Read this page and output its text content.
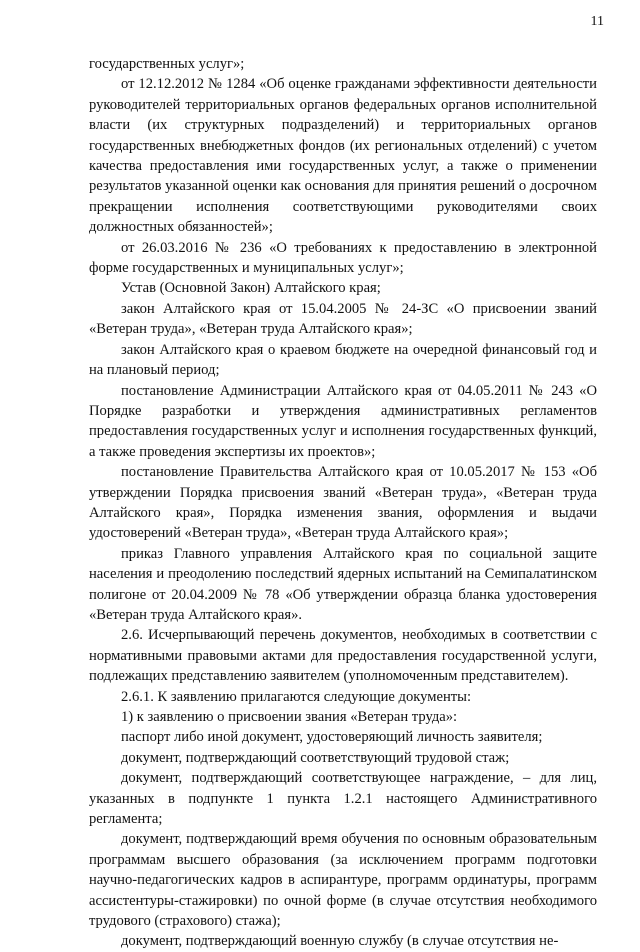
11

государственных услуг»;

от 12.12.2012 № 1284 «Об оценке гражданами эффективности деятельности руководителей территориальных органов федеральных органов исполнительной власти (их структурных подразделений) и территориальных органов государственных внебюджетных фондов (их региональных отделений) с учетом качества предоставления ими государственных услуг, а также о применении результатов указанной оценки как основания для принятия решений о досрочном прекращении исполнения соответствующими руководителями своих должностных обязанностей»;

от 26.03.2016 № 236 «О требованиях к предоставлению в электронной форме государственных и муниципальных услуг»;

Устав (Основной Закон) Алтайского края;

закон Алтайского края от 15.04.2005 № 24-ЗС «О присвоении званий «Ветеран труда», «Ветеран труда Алтайского края»;

закон Алтайского края о краевом бюджете на очередной финансовый год и на плановый период;

постановление Администрации Алтайского края от 04.05.2011 № 243 «О Порядке разработки и утверждения административных регламентов предоставления государственных услуг и исполнения государственных функций, а также проведения экспертизы их проектов»;

постановление Правительства Алтайского края от 10.05.2017 № 153 «Об утверждении Порядка присвоения званий «Ветеран труда», «Ветеран труда Алтайского края», Порядка изменения звания, оформления и выдачи удостоверений «Ветеран труда», «Ветеран труда Алтайского края»;

приказ Главного управления Алтайского края по социальной защите населения и преодолению последствий ядерных испытаний на Семипалатинском полигоне от 20.04.2009 № 78 «Об утверждении образца бланка удостоверения «Ветеран труда Алтайского края».

2.6. Исчерпывающий перечень документов, необходимых в соответствии с нормативными правовыми актами для предоставления государственной услуги, подлежащих представлению заявителем (уполномоченным представителем).

2.6.1. К заявлению прилагаются следующие документы:

1) к заявлению о присвоении звания «Ветеран труда»:

паспорт либо иной документ, удостоверяющий личность заявителя;

документ, подтверждающий соответствующий трудовой стаж;

документ, подтверждающий соответствующее награждение, – для лиц, указанных в подпункте 1 пункта 1.2.1 настоящего Административного регламента;

документ, подтверждающий время обучения по основным образовательным программам высшего образования (за исключением программ подготовки научно-педагогических кадров в аспирантуре, программ ординатуры, программ ассистентуры-стажировки) по очной форме (в случае отсутствия необходимого трудового (страхового) стажа);

документ, подтверждающий военную службу (в случае отсутствия не-
